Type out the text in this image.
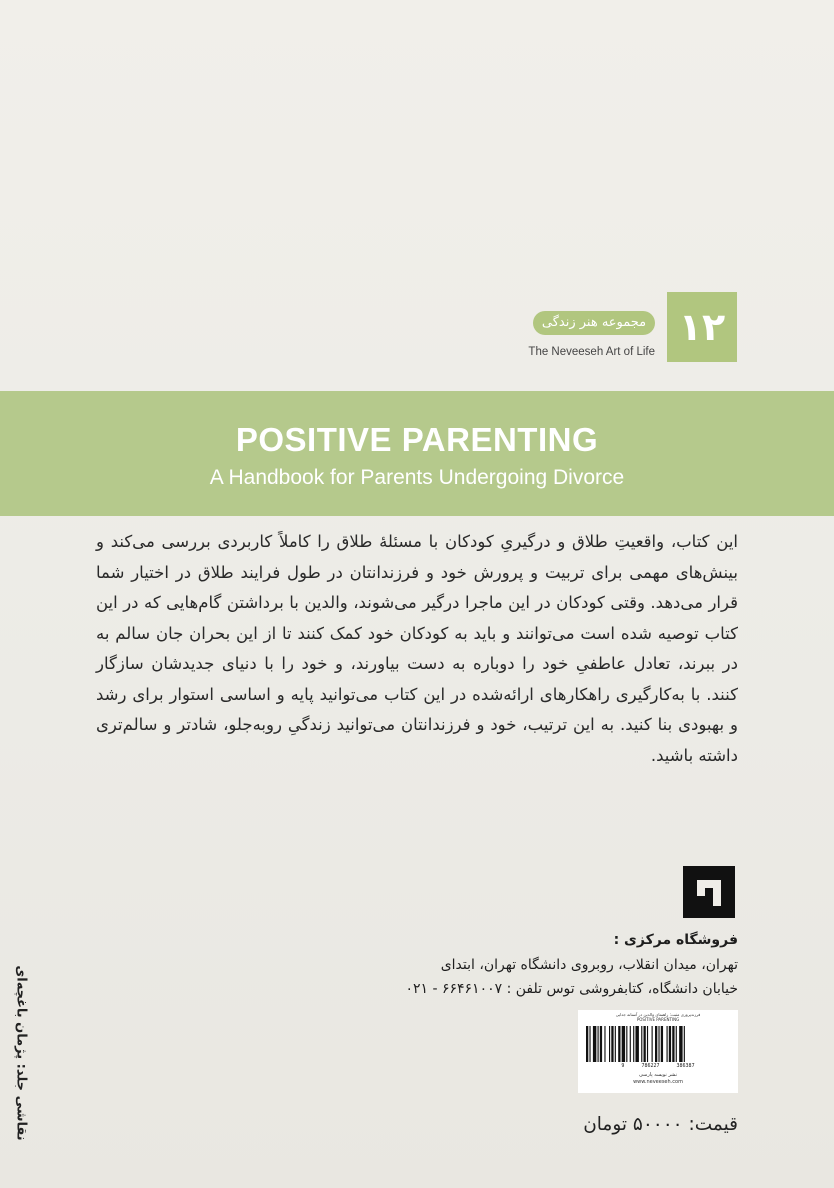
۱۲
مجموعه هنر زندگی
The Neveeseh Art of Life
POSITIVE PARENTING
A Handbook for Parents Undergoing Divorce
این کتاب، واقعیتِ طلاق و درگیریِ کودکان با مسئلهٔ طلاق را کاملاً کاربردی بررسی می‌کند و بینش‌های مهمی برای تربیت و پرورش خود و فرزندانتان در طول فرایند طلاق در اختیار شما قرار می‌دهد. وقتی کودکان در این ماجرا درگیر می‌شوند، والدین با برداشتن گام‌هایی که در این کتاب توصیه شده است می‌توانند و باید به کودکان خود کمک کنند تا از این بحران جان سالم به در ببرند، تعادل عاطفیِ خود را دوباره به دست بیاورند، و خود را با دنیای جدیدشان سازگار کنند. با به‌کارگیری راهکارهای ارائه‌شده در این کتاب می‌توانید پایه و اساسی استوار برای رشد و بهبودی بنا کنید. به این ترتیب، خود و فرزندانتان می‌توانید زندگیِ روبه‌جلو، شادتر و سالم‌تری داشته باشید.
فروشگاه مرکزی :
تهران، میدان انقلاب، روبروی دانشگاه تهران، ابتدای
خیابان دانشگاه، کتابفروشی توس تلفن : ۶۶۴۶۱۰۰۷ - ۰۲۱
فرزندپروری مثبت: راهنمای والدین در آستانه جدایی
POSITIVE PARENTING
9 786227 386387
نشر نویسه پارسی
www.neveeseh.com
قیمت: ۵۰۰۰۰ تومان
نقاشی جلد: پژمان باغچه‌ای
